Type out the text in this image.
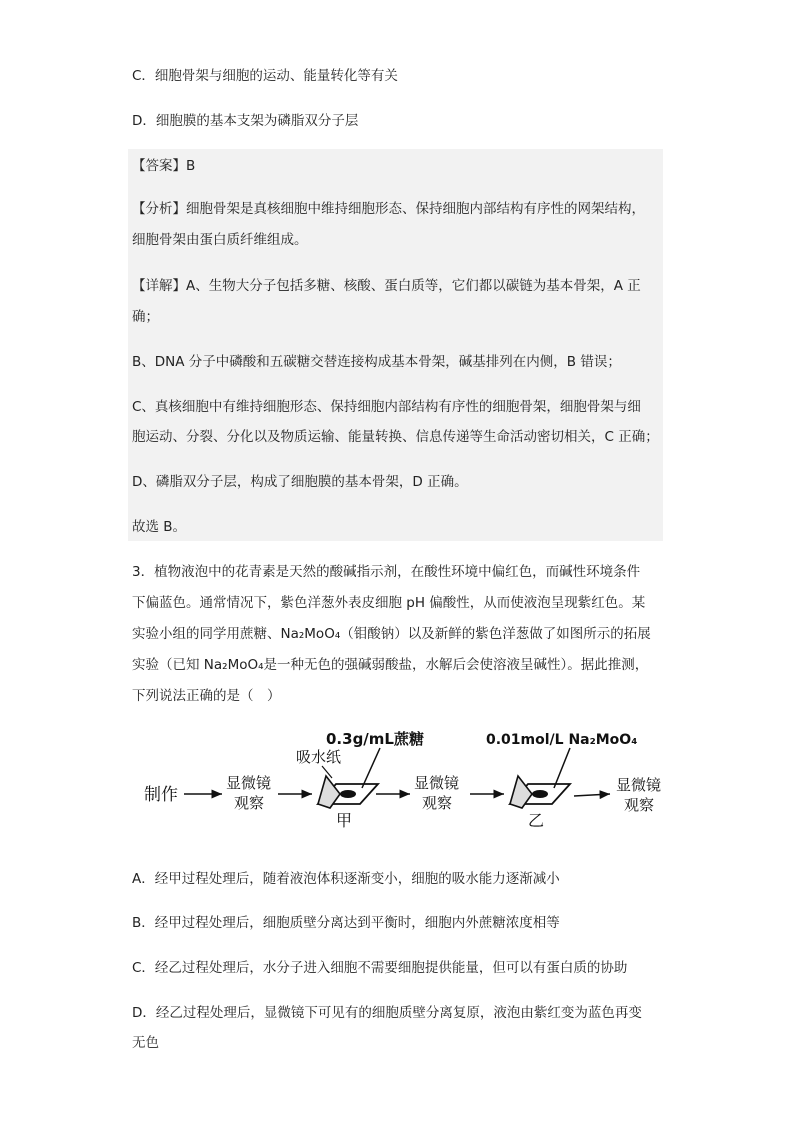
C．细胞骨架与细胞的运动、能量转化等有关
D．细胞膜的基本支架为磷脂双分子层
【答案】B
【分析】细胞骨架是真核细胞中维持细胞形态、保持细胞内部结构有序性的网架结构，
细胞骨架由蛋白质纤维组成。
【详解】A、生物大分子包括多糖、核酸、蛋白质等，它们都以碳链为基本骨架，A 正
确；
B、DNA 分子中磷酸和五碳糖交替连接构成基本骨架，碱基排列在内侧，B 错误；
C、真核细胞中有维持细胞形态、保持细胞内部结构有序性的细胞骨架，细胞骨架与细
胞运动、分裂、分化以及物质运输、能量转换、信息传递等生命活动密切相关，C 正确；
D、磷脂双分子层，构成了细胞膜的基本骨架，D 正确。
故选 B。
3．植物液泡中的花青素是天然的酸碱指示剂，在酸性环境中偏红色，而碱性环境条件
下偏蓝色。通常情况下，紫色洋葱外表皮细胞 pH 偏酸性，从而使液泡呈现紫红色。某
实验小组的同学用蔗糖、Na₂MoO₄（钼酸钠）以及新鲜的紫色洋葱做了如图所示的拓展
实验（已知 Na₂MoO₄是一种无色的强碱弱酸盐，水解后会使溶液呈碱性）。据此推测，
下列说法正确的是（　）
制作
显微镜
观察
吸水纸
0.3g/mL蔗糖
甲
显微镜
观察
0.01mol/L Na₂MoO₄
乙
显微镜
观察
A．经甲过程处理后，随着液泡体积逐渐变小，细胞的吸水能力逐渐减小
B．经甲过程处理后，细胞质壁分离达到平衡时，细胞内外蔗糖浓度相等
C．经乙过程处理后，水分子进入细胞不需要细胞提供能量，但可以有蛋白质的协助
D．经乙过程处理后，显微镜下可见有的细胞质壁分离复原，液泡由紫红变为蓝色再变
无色
